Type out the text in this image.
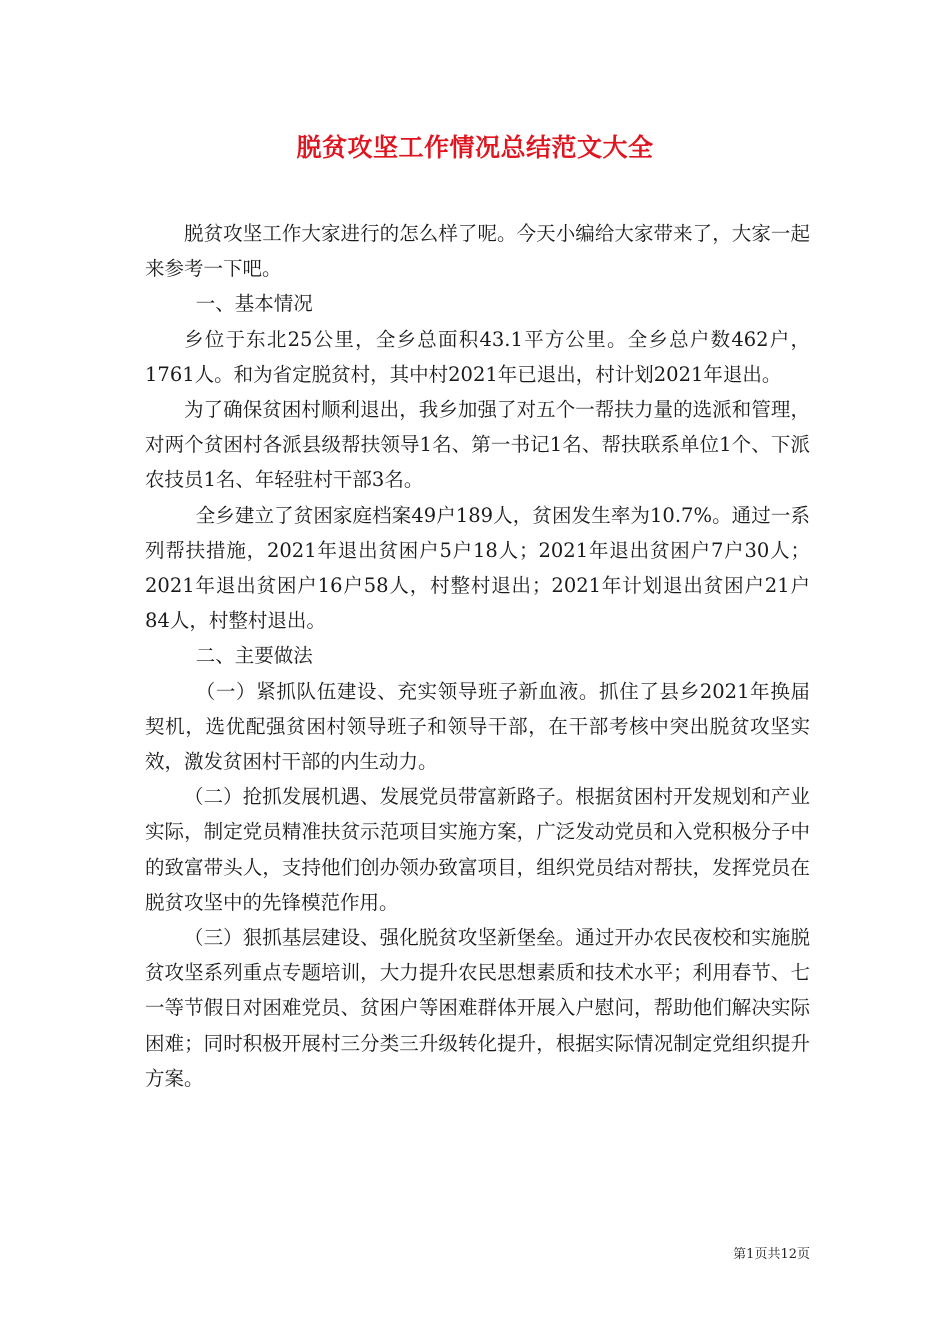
脱贫攻坚工作情况总结范文大全

脱贫攻坚工作大家进行的怎么样了呢。今天小编给大家带来了，大家一起来参考一下吧。

一、基本情况

乡位于东北25公里，全乡总面积43.1平方公里。全乡总户数462户，1761人。和为省定脱贫村，其中村2021年已退出，村计划2021年退出。

为了确保贫困村顺利退出，我乡加强了对五个一帮扶力量的选派和管理，对两个贫困村各派县级帮扶领导1名、第一书记1名、帮扶联系单位1个、下派农技员1名、年轻驻村干部3名。

全乡建立了贫困家庭档案49户189人，贫困发生率为10.7%。通过一系列帮扶措施，2021年退出贫困户5户18人；2021年退出贫困户7户30人；2021年退出贫困户16户58人，村整村退出；2021年计划退出贫困户21户84人，村整村退出。

二、主要做法

（一）紧抓队伍建设、充实领导班子新血液。抓住了县乡2021年换届契机，选优配强贫困村领导班子和领导干部，在干部考核中突出脱贫攻坚实效，激发贫困村干部的内生动力。

（二）抢抓发展机遇、发展党员带富新路子。根据贫困村开发规划和产业实际，制定党员精准扶贫示范项目实施方案，广泛发动党员和入党积极分子中的致富带头人，支持他们创办领办致富项目，组织党员结对帮扶，发挥党员在脱贫攻坚中的先锋模范作用。

（三）狠抓基层建设、强化脱贫攻坚新堡垒。通过开办农民夜校和实施脱贫攻坚系列重点专题培训，大力提升农民思想素质和技术水平；利用春节、七一等节假日对困难党员、贫困户等困难群体开展入户慰问，帮助他们解决实际困难；同时积极开展村三分类三升级转化提升，根据实际情况制定党组织提升方案。

第1页共12页
